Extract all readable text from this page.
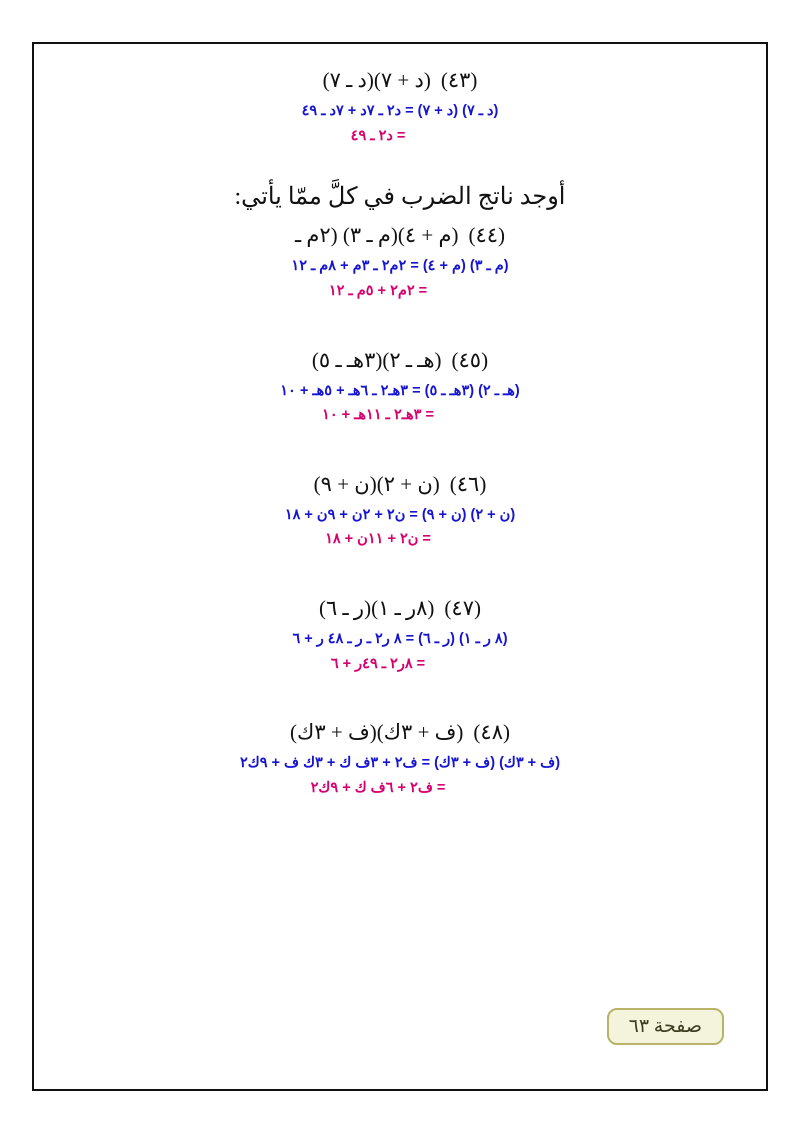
(٤٣)(د + ٧)(د ـ ٧)
(د ـ ٧) (د + ٧) = د٢ ـ ٧د + ٧د ـ ٤٩
= د٢ ـ ٤٩
أوجد ناتج الضرب في كلَّ ممّا يأتي:
(٤٤)(م + ٤)(م ـ ٣) (٢م ـ
(م ـ ٣) (م + ٤) = ٢م٢ ـ ٣م + ٨م ـ ١٢
= ٢م٢ + ٥م ـ ١٢
(٤٥)(هـ ـ ٢)(٣هـ ـ ٥)
(هـ ـ ٢) (٣هـ ـ ٥) = ٣هـ٢ ـ ٦هـ + ٥هـ + ١٠
= ٣هـ٢ ـ ١١هـ + ١٠
(٤٦)(ن + ٢)(ن + ٩)
(ن + ٢) (ن + ٩) = ن٢ + ٢ن + ٩ن + ١٨
= ن٢ + ١١ن + ١٨
(٤٧)(٨ر ـ ١)(ر ـ ٦)
(٨ ر ـ ١) (ر ـ ٦) = ٨ ر٢ ـ ر ـ ٤٨ ر + ٦
= ٨ر٢ ـ ٤٩ر + ٦
(٤٨)(ف + ٣ك)(ف + ٣ك)
(ف + ٣ك) (ف + ٣ك) = ف٢ + ٣ف ك + ٣ك ف + ٩ك٢
= ف٢ + ٦ف ك + ٩ك٢
صفحة ٦٣
